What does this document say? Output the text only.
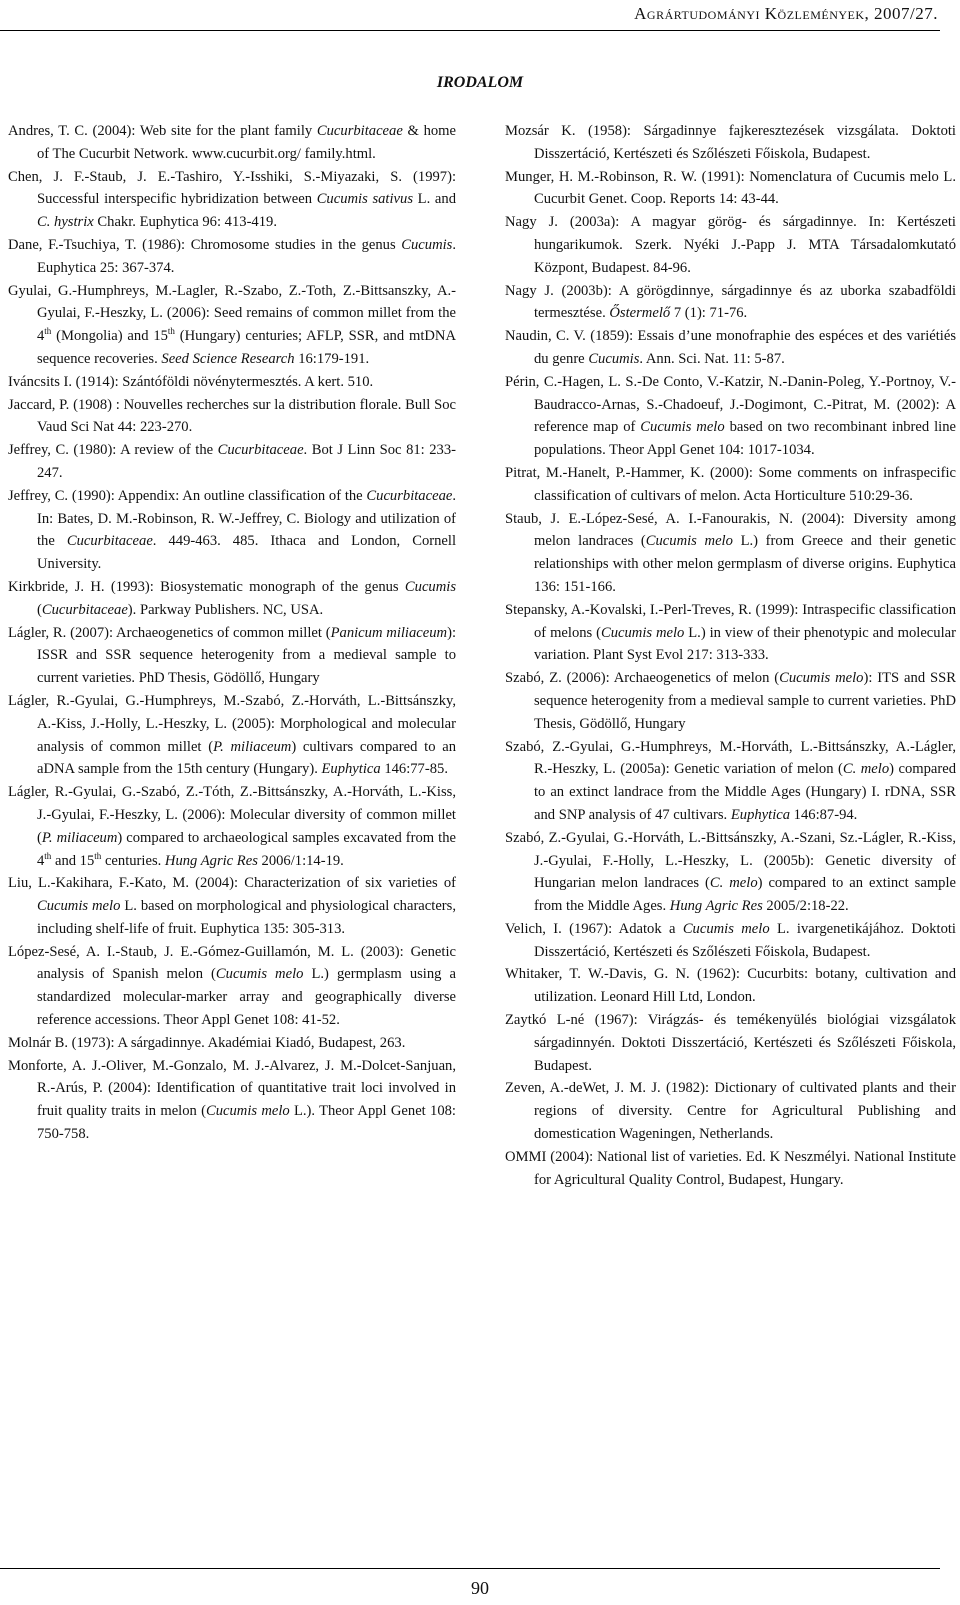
Agrártudományi Közlemények, 2007/27.
IRODALOM

Andres, T. C. (2004): Web site for the plant family Cucurbitaceae & home of The Cucurbit Network. www.cucurbit.org/ family.html.

Chen, J. F.-Staub, J. E.-Tashiro, Y.-Isshiki, S.-Miyazaki, S. (1997): Successful interspecific hybridization between Cucumis sativus L. and C. hystrix Chakr. Euphytica 96: 413-419.

Dane, F.-Tsuchiya, T. (1986): Chromosome studies in the genus Cucumis. Euphytica 25: 367-374.

Gyulai, G.-Humphreys, M.-Lagler, R.-Szabo, Z.-Toth, Z.-Bittsanszky, A.-Gyulai, F.-Heszky, L. (2006): Seed remains of common millet from the 4th (Mongolia) and 15th (Hungary) centuries; AFLP, SSR, and mtDNA sequence recoveries. Seed Science Research 16:179-191.

Iváncsits I. (1914): Szántóföldi növénytermesztés. A kert. 510.

Jaccard, P. (1908) : Nouvelles recherches sur la distribution florale. Bull Soc Vaud Sci Nat 44: 223-270.

Jeffrey, C. (1980): A review of the Cucurbitaceae. Bot J Linn Soc 81: 233-247.

Jeffrey, C. (1990): Appendix: An outline classification of the Cucurbitaceae. In: Bates, D. M.-Robinson, R. W.-Jeffrey, C. Biology and utilization of the Cucurbitaceae. 449-463. 485. Ithaca and London, Cornell University.

Kirkbride, J. H. (1993): Biosystematic monograph of the genus Cucumis (Cucurbitaceae). Parkway Publishers. NC, USA.

Lágler, R. (2007): Archaeogenetics of common millet (Panicum miliaceum): ISSR and SSR sequence heterogenity from a medieval sample to current varieties. PhD Thesis, Gödöllő, Hungary

Lágler, R.-Gyulai, G.-Humphreys, M.-Szabó, Z.-Horváth, L.-Bittsánszky, A.-Kiss, J.-Holly, L.-Heszky, L. (2005): Morphological and molecular analysis of common millet (P. miliaceum) cultivars compared to an aDNA sample from the 15th century (Hungary). Euphytica 146:77-85.

Lágler, R.-Gyulai, G.-Szabó, Z.-Tóth, Z.-Bittsánszky, A.-Horváth, L.-Kiss, J.-Gyulai, F.-Heszky, L. (2006): Molecular diversity of common millet (P. miliaceum) compared to archaeological samples excavated from the 4th and 15th centuries. Hung Agric Res 2006/1:14-19.

Liu, L.-Kakihara, F.-Kato, M. (2004): Characterization of six varieties of Cucumis melo L. based on morphological and physiological characters, including shelf-life of fruit. Euphytica 135: 305-313.

López-Sesé, A. I.-Staub, J. E.-Gómez-Guillamón, M. L. (2003): Genetic analysis of Spanish melon (Cucumis melo L.) germplasm using a standardized molecular-marker array and geographically diverse reference accessions. Theor Appl Genet 108: 41-52.

Molnár B. (1973): A sárgadinnye. Akadémiai Kiadó, Budapest, 263.

Monforte, A. J.-Oliver, M.-Gonzalo, M. J.-Alvarez, J. M.-Dolcet-Sanjuan, R.-Arús, P. (2004): Identification of quantitative trait loci involved in fruit quality traits in melon (Cucumis melo L.). Theor Appl Genet 108: 750-758.

Mozsár K. (1958): Sárgadinnye fajkeresztezések vizsgálata. Doktoti Disszertáció, Kertészeti és Szőlészeti Főiskola, Budapest.

Munger, H. M.-Robinson, R. W. (1991): Nomenclatura of Cucumis melo L. Cucurbit Genet. Coop. Reports 14: 43-44.

Nagy J. (2003a): A magyar görög- és sárgadinnye. In: Kertészeti hungarikumok. Szerk. Nyéki J.-Papp J. MTA Társadalomkutató Központ, Budapest. 84-96.

Nagy J. (2003b): A görögdinnye, sárgadinnye és az uborka szabadföldi termesztése. Őstermelő 7 (1): 71-76.

Naudin, C. V. (1859): Essais d’une monofraphie des espéces et des variétiés du genre Cucumis. Ann. Sci. Nat. 11: 5-87.

Périn, C.-Hagen, L. S.-De Conto, V.-Katzir, N.-Danin-Poleg, Y.-Portnoy, V.-Baudracco-Arnas, S.-Chadoeuf, J.-Dogimont, C.-Pitrat, M. (2002): A reference map of Cucumis melo based on two recombinant inbred line populations. Theor Appl Genet 104: 1017-1034.

Pitrat, M.-Hanelt, P.-Hammer, K. (2000): Some comments on infraspecific classification of cultivars of melon. Acta Horticulture 510:29-36.

Staub, J. E.-López-Sesé, A. I.-Fanourakis, N. (2004): Diversity among melon landraces (Cucumis melo L.) from Greece and their genetic relationships with other melon germplasm of diverse origins. Euphytica 136: 151-166.

Stepansky, A.-Kovalski, I.-Perl-Treves, R. (1999): Intraspecific classification of melons (Cucumis melo L.) in view of their phenotypic and molecular variation. Plant Syst Evol 217: 313-333.

Szabó, Z. (2006): Archaeogenetics of melon (Cucumis melo): ITS and SSR sequence heterogenity from a medieval sample to current varieties. PhD Thesis, Gödöllő, Hungary

Szabó, Z.-Gyulai, G.-Humphreys, M.-Horváth, L.-Bittsánszky, A.-Lágler, R.-Heszky, L. (2005a): Genetic variation of melon (C. melo) compared to an extinct landrace from the Middle Ages (Hungary) I. rDNA, SSR and SNP analysis of 47 cultivars. Euphytica 146:87-94.

Szabó, Z.-Gyulai, G.-Horváth, L.-Bittsánszky, A.-Szani, Sz.-Lágler, R.-Kiss, J.-Gyulai, F.-Holly, L.-Heszky, L. (2005b): Genetic diversity of Hungarian melon landraces (C. melo) compared to an extinct sample from the Middle Ages. Hung Agric Res 2005/2:18-22.

Velich, I. (1967): Adatok a Cucumis melo L. ivargenetikájához. Doktoti Disszertáció, Kertészeti és Szőlészeti Főiskola, Budapest.

Whitaker, T. W.-Davis, G. N. (1962): Cucurbits: botany, cultivation and utilization. Leonard Hill Ltd, London.

Zaytkó L-né (1967): Virágzás- és temékenyülés biológiai vizsgálatok sárgadinnyén. Doktoti Disszertáció, Kertészeti és Szőlészeti Főiskola, Budapest.

Zeven, A.-deWet, J. M. J. (1982): Dictionary of cultivated plants and their regions of diversity. Centre for Agricultural Publishing and domestication Wageningen, Netherlands.

OMMI (2004): National list of varieties. Ed. K Neszmélyi. National Institute for Agricultural Quality Control, Budapest, Hungary.

90
